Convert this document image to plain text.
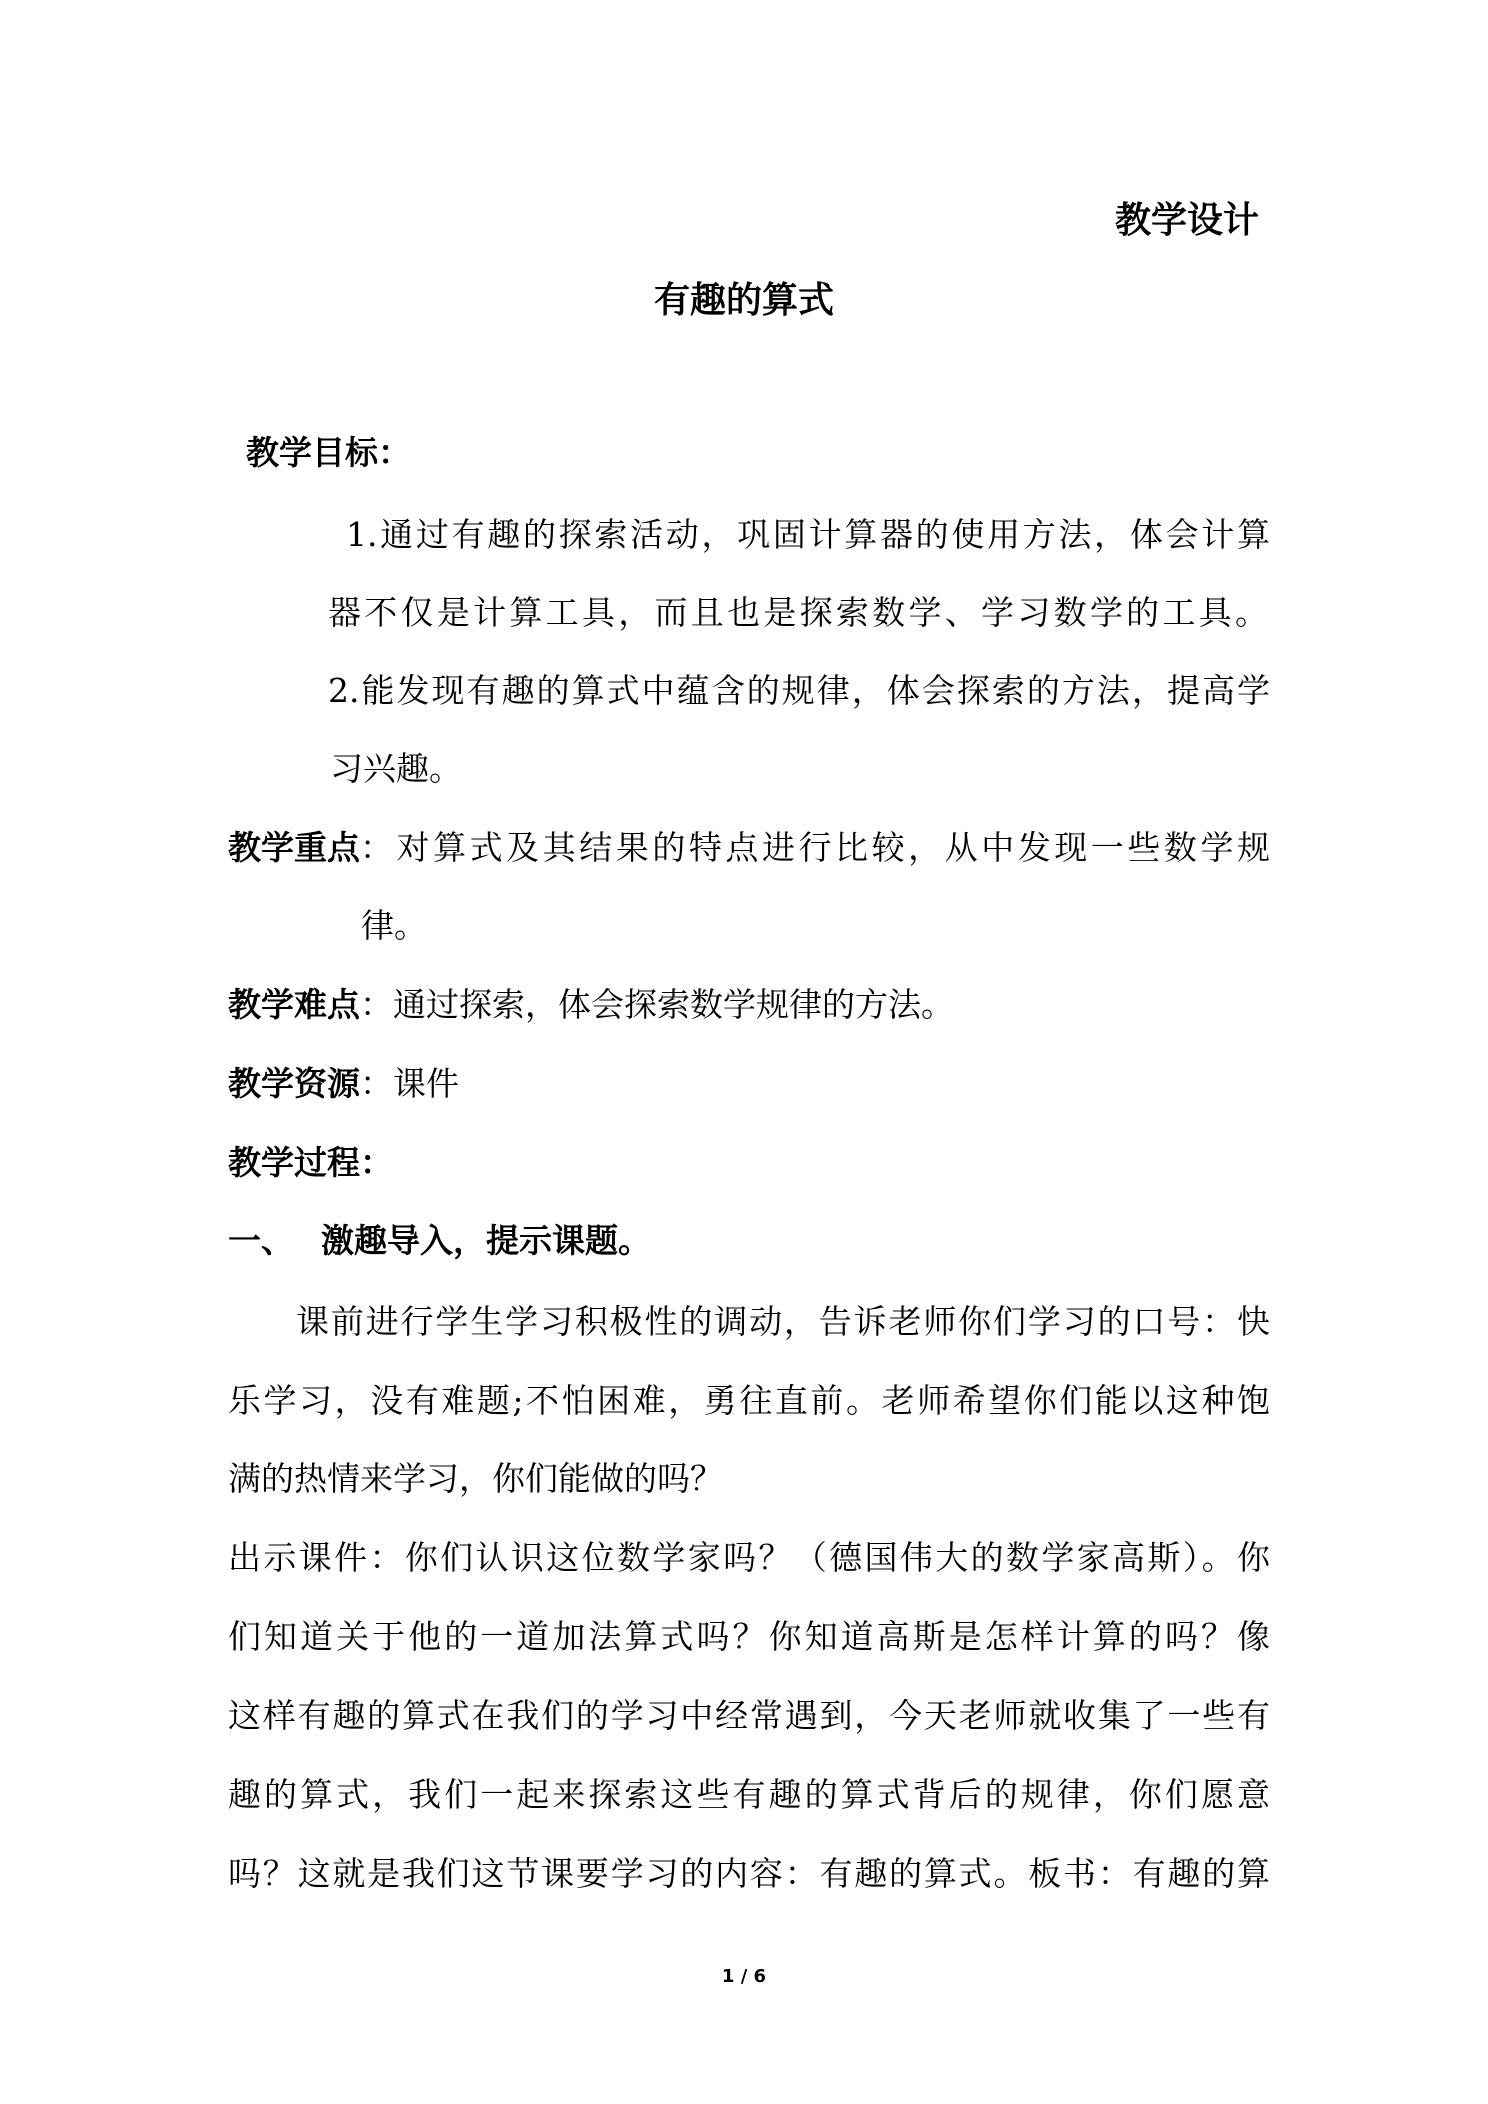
教学设计
有趣的算式
教学目标：
1.通过有趣的探索活动，巩固计算器的使用方法，体会计算
器不仅是计算工具，而且也是探索数学、学习数学的工具。
2.能发现有趣的算式中蕴含的规律，体会探索的方法，提高学
习兴趣。
教学重点 ：对算式及其结果的特点进行比较，从中发现一些数学规
律。
教学难点：通过探索，体会探索数学规律的方法。
教学资源：课件
教学过程：
一、 激趣导入，提示课题。
课前进行学生学习积极性的调动，告诉老师你们学习的口号：快
乐学习，没有难题;不怕困难，勇往直前。老师希望你们能以这种饱
满的热情来学习，你们能做的吗？
出示课件：你们认识这位数学家吗？（德国伟大的数学家高斯）。你
们知道关于他的一道加法算式吗？你知道高斯是怎样计算的吗？像
这样有趣的算式在我们的学习中经常遇到，今天老师就收集了一些有
趣的算式，我们一起来探索这些有趣的算式背后的规律，你们愿意
吗？这就是我们这节课要学习的内容：有趣的算式。板书：有趣的算
1 / 6
